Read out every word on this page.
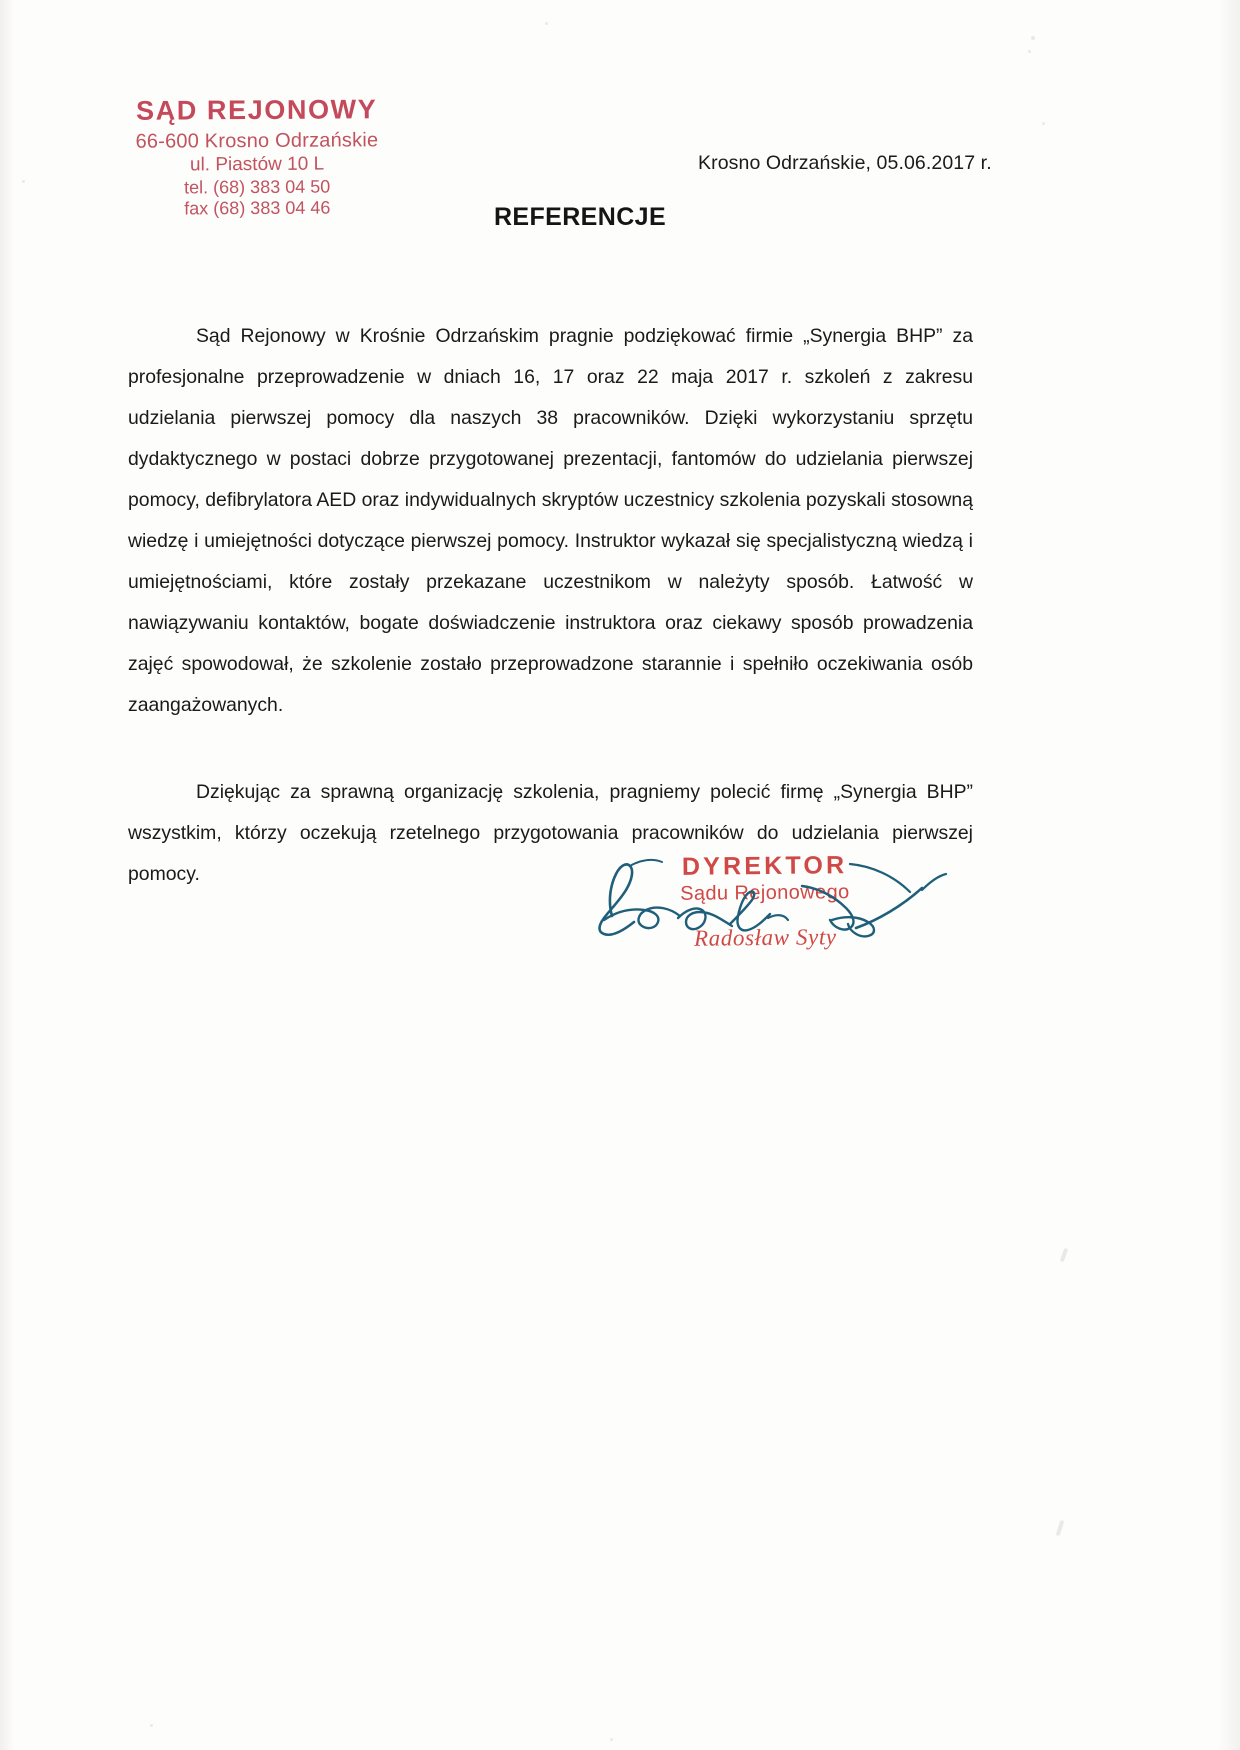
SĄD REJONOWY
66-600 Krosno Odrzańskie
ul. Piastów 10 L
tel. (68) 383 04 50
fax (68) 383 04 46
Krosno Odrzańskie, 05.06.2017 r.
REFERENCJE

Sąd Rejonowy w Krośnie Odrzańskim pragnie podziękować firmie „Synergia BHP” za profesjonalne przeprowadzenie w dniach 16, 17 oraz 22 maja 2017 r. szkoleń z zakresu udzielania pierwszej pomocy dla naszych 38 pracowników. Dzięki wykorzystaniu sprzętu dydaktycznego w postaci dobrze przygotowanej prezentacji, fantomów do udzielania pierwszej pomocy, defibrylatora AED oraz indywidualnych skryptów uczestnicy szkolenia pozyskali stosowną wiedzę i umiejętności dotyczące pierwszej pomocy. Instruktor wykazał się specjalistyczną wiedzą i umiejętnościami, które zostały przekazane uczestnikom w należyty sposób. Łatwość w nawiązywaniu kontaktów, bogate doświadczenie instruktora oraz ciekawy sposób prowadzenia zajęć spowodował, że szkolenie zostało przeprowadzone starannie i spełniło oczekiwania osób zaangażowanych.

Dziękując za sprawną organizację szkolenia, pragniemy polecić firmę „Synergia BHP” wszystkim, którzy oczekują rzetelnego przygotowania pracowników do udzielania pierwszej pomocy.	DYREKTOR
Sądu Rejonowego
Radosław Syty
